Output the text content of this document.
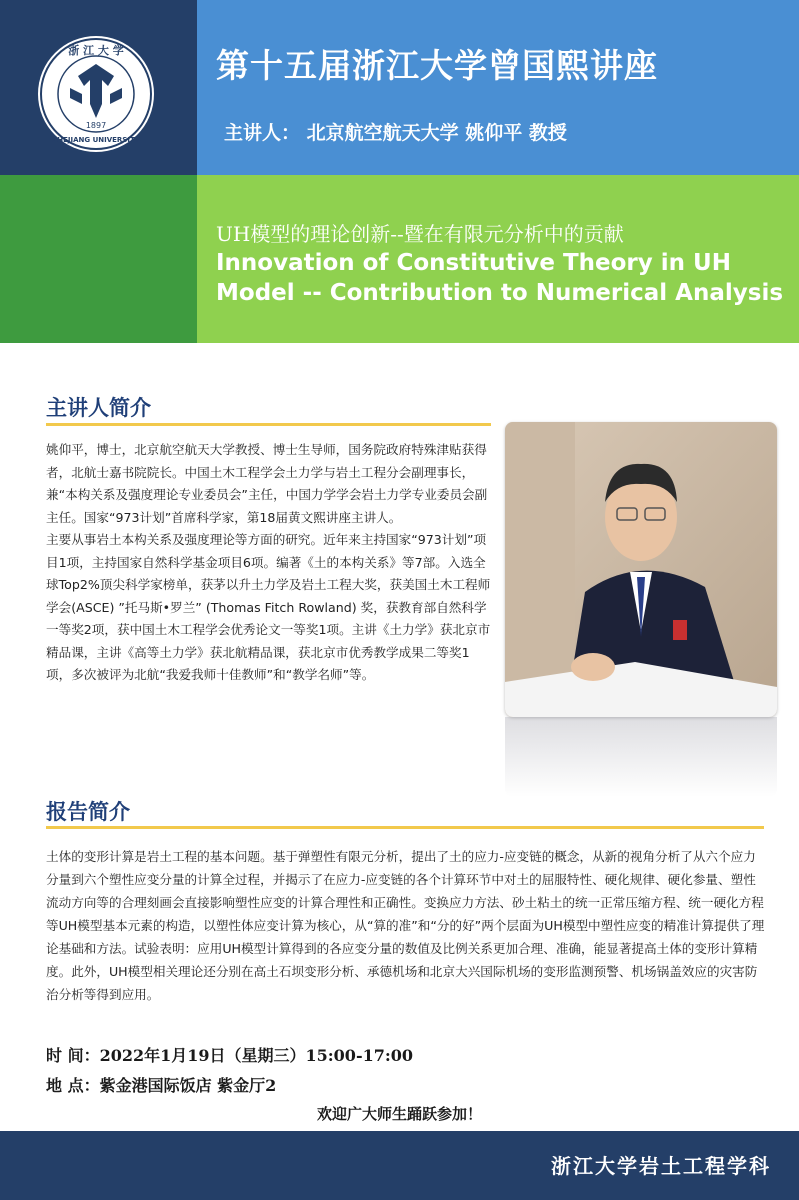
浙 江 大 学
1897
ZHEJIANG UNIVERSITY
第十五届浙江大学曾国熙讲座
主讲人： 北京航空航天大学 姚仰平 教授
UH模型的理论创新--暨在有限元分析中的贡献
Innovation of Constitutive Theory in UH Model -- Contribution to Numerical Analysis
主讲人简介

姚仰平，博士，北京航空航天大学教授、博士生导师，国务院政府特殊津贴获得者，北航士嘉书院院长。中国土木工程学会土力学与岩土工程分会副理事长，兼“本构关系及强度理论专业委员会”主任，中国力学学会岩土力学专业委员会副主任。国家“973计划”首席科学家，第18届黄文熙讲座主讲人。

主要从事岩土本构关系及强度理论等方面的研究。近年来主持国家“973计划”项目1项，主持国家自然科学基金项目6项。编著《土的本构关系》等7部。入选全球Top2%顶尖科学家榜单，获茅以升土力学及岩土工程大奖，获美国土木工程师学会(ASCE) ”托马斯•罗兰” (Thomas Fitch Rowland) 奖，获教育部自然科学一等奖2项，获中国土木工程学会优秀论文一等奖1项。主讲《土力学》获北京市精品课，主讲《高等土力学》获北航精品课，获北京市优秀教学成果二等奖1项，多次被评为北航“我爱我师十佳教师”和“教学名师”等。

报告简介
土体的变形计算是岩土工程的基本问题。基于弹塑性有限元分析，提出了土的应力-应变链的概念，从新的视角分析了从六个应力分量到六个塑性应变分量的计算全过程，并揭示了在应力-应变链的各个计算环节中对土的屈服特性、硬化规律、硬化参量、塑性流动方向等的合理刻画会直接影响塑性应变的计算合理性和正确性。变换应力方法、砂土粘土的统一正常压缩方程、统一硬化方程等UH模型基本元素的构造，以塑性体应变计算为核心，从“算的准”和“分的好”两个层面为UH模型中塑性应变的精准计算提供了理论基础和方法。试验表明：应用UH模型计算得到的各应变分量的数值及比例关系更加合理、准确，能显著提高土体的变形计算精度。此外，UH模型相关理论还分别在高土石坝变形分析、承德机场和北京大兴国际机场的变形监测预警、机场锅盖效应的灾害防治分析等得到应用。
时 间：2022年1月19日（星期三）15:00-17:00
地 点：紫金港国际饭店 紫金厅2
欢迎广大师生踊跃参加！
浙江大学岩土工程学科
